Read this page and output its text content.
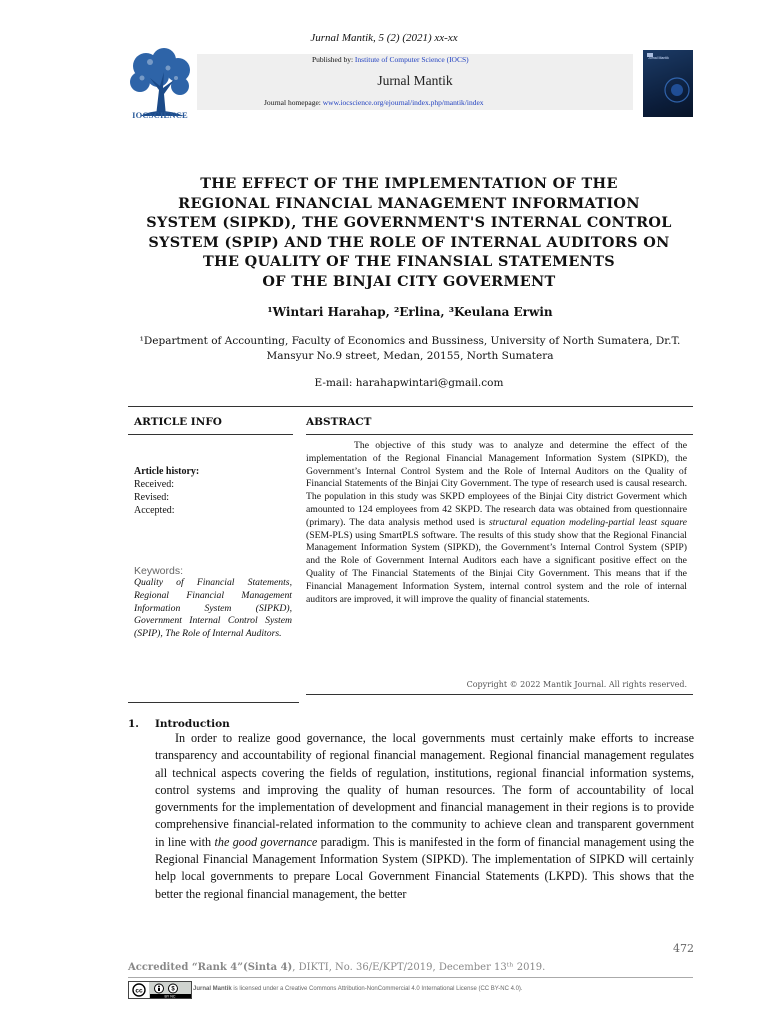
Jurnal Mantik, 5 (2) (2021) xx-xx
IOCSCIENCE
Published by: Institute of Computer Science (IOCS)
Jurnal Mantik
Journal homepage: www.iocscience.org/ejournal/index.php/mantik/index
Jurnal Mantik
THE EFFECT OF THE IMPLEMENTATION OF THE
REGIONAL FINANCIAL MANAGEMENT INFORMATION
SYSTEM (SIPKD), THE GOVERNMENT'S INTERNAL CONTROL
SYSTEM (SPIP) AND THE ROLE OF INTERNAL AUDITORS ON
THE QUALITY OF THE FINANSIAL STATEMENTS
OF THE BINJAI CITY GOVERMENT
¹Wintari Harahap, ²Erlina, ³Keulana Erwin
¹Department of Accounting, Faculty of Economics and Bussiness, University of North Sumatera, Dr.T. Mansyur No.9 street, Medan, 20155, North Sumatera
E-mail: harahapwintari@gmail.com
ARTICLE INFO	ABSTRACT
Article history:
Received:
Revised:
Accepted:
Keywords:
Quality of Financial Statements, Regional Financial Management Information System (SIPKD), Government Internal Control System (SPIP), The Role of Internal Auditors.
The objective of this study was to analyze and determine the effect of the implementation of the Regional Financial Management Information System (SIPKD), the Government’s Internal Control System and the Role of Internal Auditors on the Quality of Financial Statements of the Binjai City Government. The type of research used is causal research. The population in this study was SKPD employees of the Binjai City district Goverment which amounted to 124 employees from 42 SKPD. The research data was obtained from questionnaire (primary). The data analysis method used is structural equation modeling-partial least square (SEM-PLS) using SmartPLS software. The results of this study show that the Regional Financial Management Information System (SIPKD), the Government’s Internal Control System (SPIP) and the Role of Government Internal Auditors each have a significant positive effect on the Quality of The Financial Statements of the Binjai City Government. This means that if the Financial Management Information System, internal control system and the role of internal auditors are improved, it will improve the quality of financial statements.
Copyright © 2022 Mantik Journal. All rights reserved.
1. Introduction
In order to realize good governance, the local governments must certainly make efforts to increase transparency and accountability of regional financial management. Regional financial management regulates all technical aspects covering the fields of regulation, institutions, regional financial information systems, control systems and improving the quality of human resources. The form of accountability of local governments for the implementation of development and financial management in their regions is to provide comprehensive financial-related information to the community to achieve clean and transparent government in line with the good governance paradigm. This is manifested in the form of financial management using the Regional Financial Management Information System (SIPKD). The implementation of SIPKD will certainly help local governments to prepare Local Government Financial Statements (LKPD). This shows that the better the regional financial management, the better
472
Accredited “Rank 4”(Sinta 4), DIKTI, No. 36/E/KPT/2019, December 13ᵗʰ 2019.
cc	$
BY NC
Jurnal Mantik is licensed under a Creative Commons Attribution-NonCommercial 4.0 International License (CC BY-NC 4.0).
